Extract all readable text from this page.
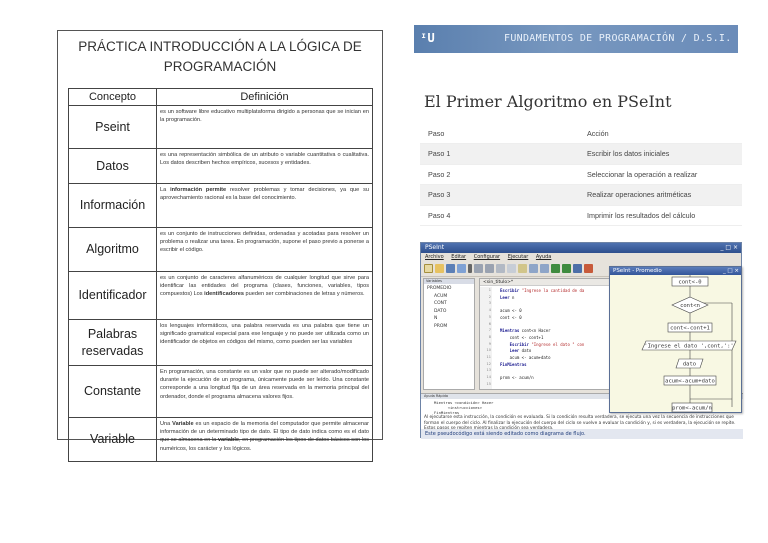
PRÁCTICA INTRODUCCIÓN A LA LÓGICA DE PROGRAMACIÓN
Concepto	Definición
Pseint	es un software libre educativo multiplataforma dirigido a personas que se inician en la programación.
Datos	es una representación simbólica de un atributo o variable cuantitativa o cualitativa. Los datos describen hechos empíricos, sucesos y entidades.
Información	La información permite resolver problemas y tomar decisiones, ya que su aprovechamiento racional es la base del conocimiento.
Algoritmo	es un conjunto de instrucciones definidas, ordenadas y acotadas para resolver un problema o realizar una tarea. En programación, supone el paso previo a ponerse a escribir el código.
Identificador	es un conjunto de caracteres alfanuméricos de cualquier longitud que sirve para identificar las entidades del programa (clases, funciones, variables, tipos compuestos) Los identificadores pueden ser combinaciones de letras y números.
Palabras reservadas	los lenguajes informáticos, una palabra reservada es una palabra que tiene un significado gramatical especial para ese lenguaje y no puede ser utilizada como un identificador de objetos en códigos del mismo, como pueden ser las variables
Constante	En programación, una constante es un valor que no puede ser alterado/modificado durante la ejecución de un programa, únicamente puede ser leído. Una constante corresponde a una longitud fija de un área reservada en la memoria principal del ordenador, donde el programa almacena valores fijos.
Variable	Una Variable es un espacio de la memoria del computador que permite almacenar información de un determinado tipo de dato. El tipo de dato indica como es el dato que se almacena en la variable, en programación los tipos de datos básicos son los numéricos, los carácter y los lógicos.
ᴵU	FUNDAMENTOS DE PROGRAMACIÓN / D.S.I.
El Primer Algoritmo en PSeInt
Paso	Acción
Paso 1	Escribir los datos iniciales
Paso 2	Seleccionar la operación a realizar
Paso 3	Realizar operaciones aritméticas
Paso 4	Imprimir los resultados del cálculo
PSeInt	_ □ ×
Archivo Editar Configurar Ejecutar Ayuda
Variables
PROMEDIO
ACUM
CONT
DATO
N
PROM
<sin_titulo>*
1
2
3
4
5
6
7
8
9
10
11
12
13
14
15
Escribir "Ingrese la cantidad de da
Leer n

acum <- 0
cont <- 0

Mientras cont<n Hacer
cont <- cont+1
Escribir "Ingrese el dato " con
Leer dato
acum <- acum+dato
FinMientras

prom <- acum/n
Ayuda Rápida
Mientras <condición> Hacer
<instrucciones>
FinMientras
Al ejecutarse esta instrucción, la condición es evaluada. Si la condición resulta verdadera, se ejecuta una vez la secuencia de instrucciones que forman el cuerpo del ciclo. Al finalizar la ejecución del cuerpo del ciclo se vuelve a evaluar la condición y, si es verdadera, la ejecución se repite.
Este pseudocódigo está siendo editado como diagrama de flujo.
PSeInt - Promedio	_ □ ×
cont<-0
cont<n
cont<-cont+1
'Ingrese el dato ',cont,':'
dato
acum<-acum+dato
prom<-acum/n
